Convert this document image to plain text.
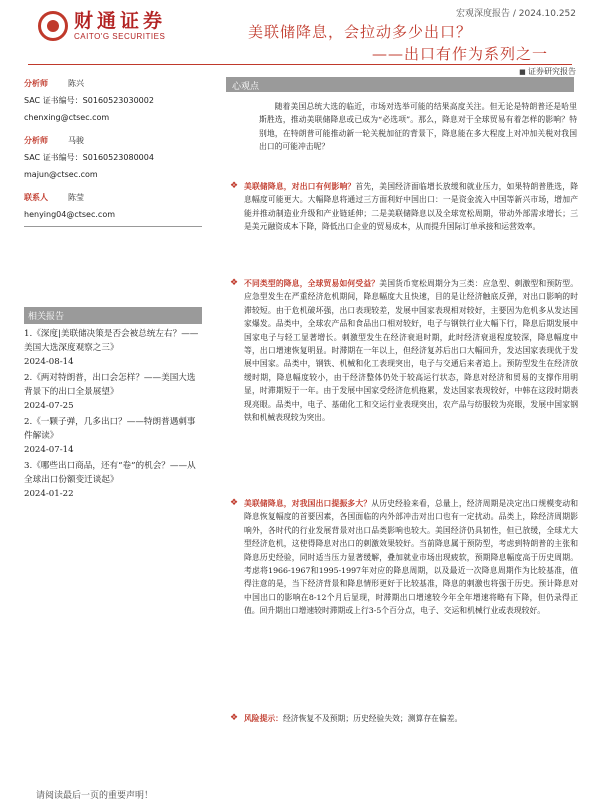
财通证券
CAITO'G SECURITIES
宏观深度报告 / 2024.10.252
美联储降息，会拉动多少出口？
——出口有作为系列之一
■ 证券研究报告
分析师	陈兴
SAC 证书编号：S0160523030002
chenxing@ctsec.com
分析师	马骏
SAC 证书编号：S0160523080004
majun@ctsec.com
联系人	陈莹
henying04@ctsec.com
相关报告
1.《深度|美联储决策是否会被总统左右？——美国大选深度观察之三》
2024-08-14
2.《两对特朗普，出口会怎样？——美国大选背景下的出口全景展望》
2024-07-25
2.《一颗子弹，几多出口？——特朗普遇刺事件解读》
2024-07-14
3.《哪些出口商品，还有“卷”的机会？——从全球出口份额变迁谈起》
2024-01-22
心观点
随着美国总统大选的临近，市场对选举可能的结果高度关注。但无论是特朗普还是哈里斯胜选，推动美联储降息或已成为“必选项”。那么，降息对于全球贸易有着怎样的影响？特别地，在特朗普可能推动新一轮关税加征的背景下，降息能在多大程度上对冲加关税对我国出口的可能冲击呢？
❖ 美联储降息，对出口有何影响？首先，美国经济面临增长放缓和就业压力，如果特朗普胜选，降息幅度可能更大。大幅降息将通过三方面利好中国出口：一是资金流入中国等新兴市场，增加产能并推动制造业升级和产业链延伸；二是美联储降息以及全球宽松周期，带动外部需求增长；三是美元融资成本下降，降低出口企业的贸易成本，从而提升国际订单承接和运营效率。
❖ 不同类型的降息，全球贸易如何受益？美国货币宽松周期分为三类：应急型、刺激型和预防型。应急型发生在严重经济危机期间，降息幅度大且快速，目的是让经济触底反弹，对出口影响的时滞较短。由于危机破坏强，出口表现较差，发展中国家表现相对较好，主要因为危机多从发达国家爆发。品类中，全球农产品和食品出口相对较好，电子与钢铁行业大幅下行，降息后期发展中国家电子与轻工显著增长。刺激型发生在经济衰退时期，此时经济衰退程度较深，降息幅度中等，出口增速恢复明显。时滞期在一年以上，但经济复苏后出口大幅回升，发达国家表现优于发展中国家。品类中，钢铁、机械和化工表现突出，电子与交通后来者追上。预防型发生在经济放缓时期，降息幅度较小，由于经济整体仍处于较高运行状态，降息对经济和贸易的支撑作用明显，时滞期短于一年。由于发展中国家受经济危机拖累，发达国家表现较好，中韩在这段时期表现亮眼。品类中，电子、基础化工和交运行业表现突出，农产品与纺服较为亮眼，发展中国家钢铁和机械表现较为突出。
❖ 美联储降息，对我国出口提振多大？从历史经验来看，总量上，经济周期是决定出口规模变动和降息恢复幅度的首要因素，各国面临的内外部冲击对出口也有一定扰动。品类上，除经济周期影响外，各时代的行业发展背景对出口品类影响也较大。美国经济仍具韧性，但已放缓，全球尤大型经济危机，这使得降息对出口的刺激效果较好。当前降息属于预防型，考虑到特朗普的主张和降息历史经验，同时适当压力显著缓解，叠加就业市场出现疲软，预期降息幅度高于历史周期。考虑将1966-1967和1995-1997年对应的降息周期，以及最近一次降息周期作为比较基准，值得注意的是，当下经济背景和降息情形更好于比较基准，降息的刺激也将强于历史。预计降息对中国出口的影响在8-12个月后显现，时滞期出口增速较今年全年增速将略有下降，但仍录得正值。回升期出口增速较时滞期或上行3-5个百分点，电子、交运和机械行业或表现较好。
❖ 风险提示：经济恢复不及预期；历史经验失效；测算存在偏差。
请阅读最后一页的重要声明！
